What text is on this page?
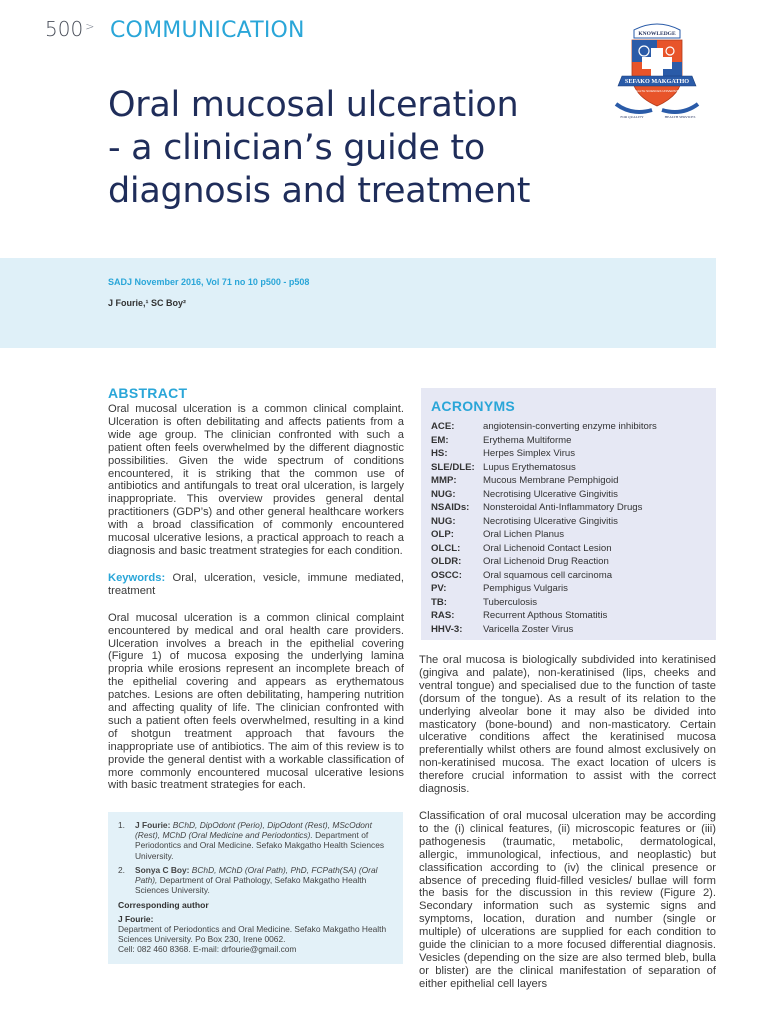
500 > COMMUNICATION	KNOWLEDGE
SEFAKO MAKGATHO
HEALTH SCIENCES UNIVERSITY
FOR QUALITY	HEALTH SERVICES
Oral mucosal ulceration
- a clinician’s guide to
diagnosis and treatment
SADJ November 2016, Vol 71 no 10 p500 - p508
J Fourie,¹ SC Boy²
ABSTRACT

Oral mucosal ulceration is a common clinical complaint. Ulceration is often debilitating and affects patients from a wide age group. The clinician confronted with such a patient often feels overwhelmed by the different diagnostic possibilities. Given the wide spectrum of conditions encountered, it is striking that the common use of antibiotics and antifungals to treat oral ulceration, is largely inappropriate. This overview provides general dental practitioners (GDP’s) and other general healthcare workers with a broad classification of commonly encountered mucosal ulcerative lesions, a practical approach to reach a diagnosis and basic treatment strategies for each condition.

Keywords: Oral, ulceration, vesicle, immune mediated, treatment

Oral mucosal ulceration is a common clinical complaint encountered by medical and oral health care providers. Ulceration involves a breach in the epithelial covering (Figure 1) of mucosa exposing the underlying lamina propria while erosions represent an incomplete breach of the epithelial covering and appears as erythematous patches. Lesions are often debilitating, hampering nutrition and affecting quality of life. The clinician confronted with such a patient often feels overwhelmed, resulting in a kind of shotgun treatment approach that favours the inappropriate use of antibiotics. The aim of this review is to provide the general dentist with a workable classification of more commonly encountered mucosal ulcerative lesions with basic treatment strategies for each.

ACRONYMS
ACE:	angiotensin-converting enzyme inhibitors
EM:	Erythema Multiforme
HS:	Herpes Simplex Virus
SLE/DLE: Lupus Erythematosus
MMP:	Mucous Membrane Pemphigoid
NUG:	Necrotising Ulcerative Gingivitis
NSAIDs:	Nonsteroidal Anti-Inflammatory Drugs
NUG:	Necrotising Ulcerative Gingivitis
OLP:	Oral Lichen Planus
OLCL:	Oral Lichenoid Contact Lesion
OLDR:	Oral Lichenoid Drug Reaction
OSCC:	Oral squamous cell carcinoma
PV:	Pemphigus Vulgaris
TB:	Tuberculosis
RAS:	Recurrent Apthous Stomatitis
HHV-3:	Varicella Zoster Virus

The oral mucosa is biologically subdivided into keratinised (gingiva and palate), non-keratinised (lips, cheeks and ventral tongue) and specialised due to the function of taste (dorsum of the tongue). As a result of its relation to the underlying alveolar bone it may also be divided into masticatory (bone-bound) and non-masticatory. Certain ulcerative conditions affect the keratinised mucosa preferentially whilst others are found almost exclusively on non-keratinised mucosa. The exact location of ulcers is therefore crucial information to assist with the correct diagnosis.

Classification of oral mucosal ulceration may be according to the (i) clinical features, (ii) microscopic features or (iii) pathogenesis (traumatic, metabolic, dermatological, allergic, immunological, infectious, and neoplastic) but classification according to (iv) the clinical presence or absence of preceding fluid-filled vesicles/ bullae will form the basis for the discussion in this review (Figure 2). Secondary information such as systemic signs and symptoms, location, duration and number (single or multiple) of ulcerations are supplied for each condition to guide the clinician to a more focused differential diagnosis. Vesicles (depending on the size are also termed bleb, bulla or blister) are the clinical manifestation of separation of either epithelial cell layers

1.	J Fourie: BChD, DipOdont (Perio), DipOdont (Rest), MScOdont (Rest), MChD (Oral Medicine and Periodontics). Department of Periodontics and Oral Medicine. Sefako Makgatho Health Sciences University.
2.	Sonya C Boy: BChD, MChD (Oral Path), PhD, FCPath(SA) (Oral Path), Department of Oral Pathology, Sefako Makgatho Health Sciences University.
Corresponding author
J Fourie:
Department of Periodontics and Oral Medicine. Sefako Makgatho Health Sciences University. Po Box 230, Irene 0062.
Cell: 082 460 8368. E-mail: drfourie@gmail.com
